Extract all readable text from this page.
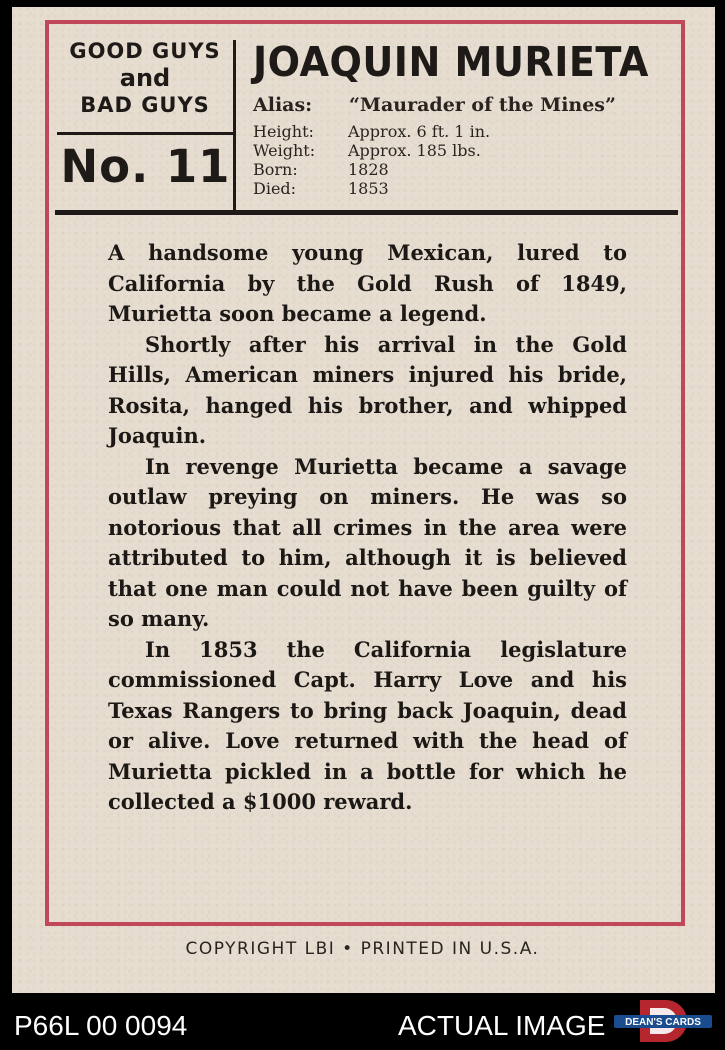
GOOD GUYS
and
BAD GUYS
No. 11
JOAQUIN MURIETA
Alias: “Maurader of the Mines”
Height: Approx. 6 ft. 1 in.
Weight: Approx. 185 lbs.
Born:	1828
Died:	1853

A handsome young Mexican, lured to California by the Gold Rush of 1849, Murietta soon became a legend.

Shortly after his arrival in the Gold Hills, American miners injured his bride, Rosita, hanged his brother, and whipped Joaquin.

In revenge Murietta became a savage outlaw preying on miners. He was so notorious that all crimes in the area were attributed to him, although it is believed that one man could not have been guilty of so many.

In 1853 the California legislature commissioned Capt. Harry Love and his Texas Rangers to bring back Joaquin, dead or alive. Love returned with the head of Murietta pickled in a bottle for which he collected a $1000 reward.

COPYRIGHT LBI • PRINTED IN U.S.A.
P66L 00 0094	ACTUAL IMAGE DEAN'S CARDS
